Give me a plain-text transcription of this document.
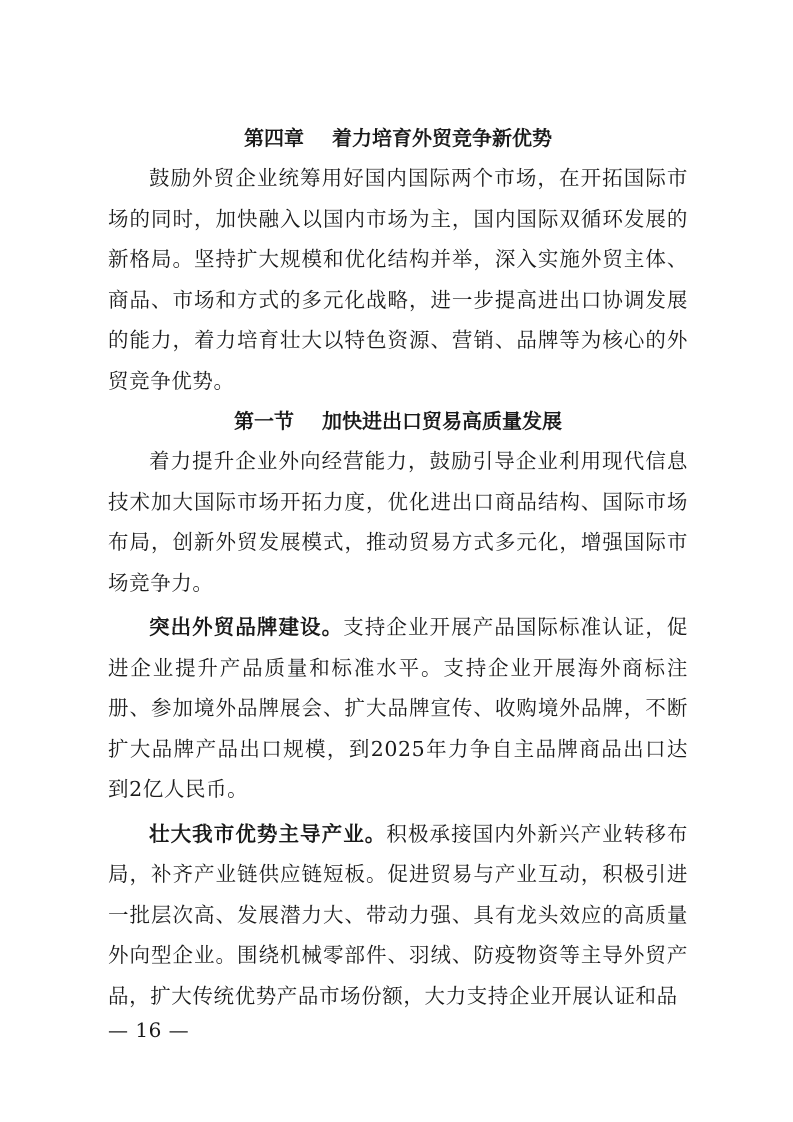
第四章 着力培育外贸竞争新优势

鼓励外贸企业统筹用好国内国际两个市场，在开拓国际市场的同时，加快融入以国内市场为主，国内国际双循环发展的新格局。坚持扩大规模和优化结构并举，深入实施外贸主体、商品、市场和方式的多元化战略，进一步提高进出口协调发展的能力，着力培育壮大以特色资源、营销、品牌等为核心的外贸竞争优势。

第一节 加快进出口贸易高质量发展

着力提升企业外向经营能力，鼓励引导企业利用现代信息技术加大国际市场开拓力度，优化进出口商品结构、国际市场布局，创新外贸发展模式，推动贸易方式多元化，增强国际市场竞争力。

突出外贸品牌建设。支持企业开展产品国际标准认证，促进企业提升产品质量和标准水平。支持企业开展海外商标注册、参加境外品牌展会、扩大品牌宣传、收购境外品牌，不断扩大品牌产品出口规模，到2025年力争自主品牌商品出口达到2亿人民币。

壮大我市优势主导产业。积极承接国内外新兴产业转移布局，补齐产业链供应链短板。促进贸易与产业互动，积极引进一批层次高、发展潜力大、带动力强、具有龙头效应的高质量外向型企业。围绕机械零部件、羽绒、防疫物资等主导外贸产品，扩大传统优势产品市场份额，大力支持企业开展认证和品

— 16 —
